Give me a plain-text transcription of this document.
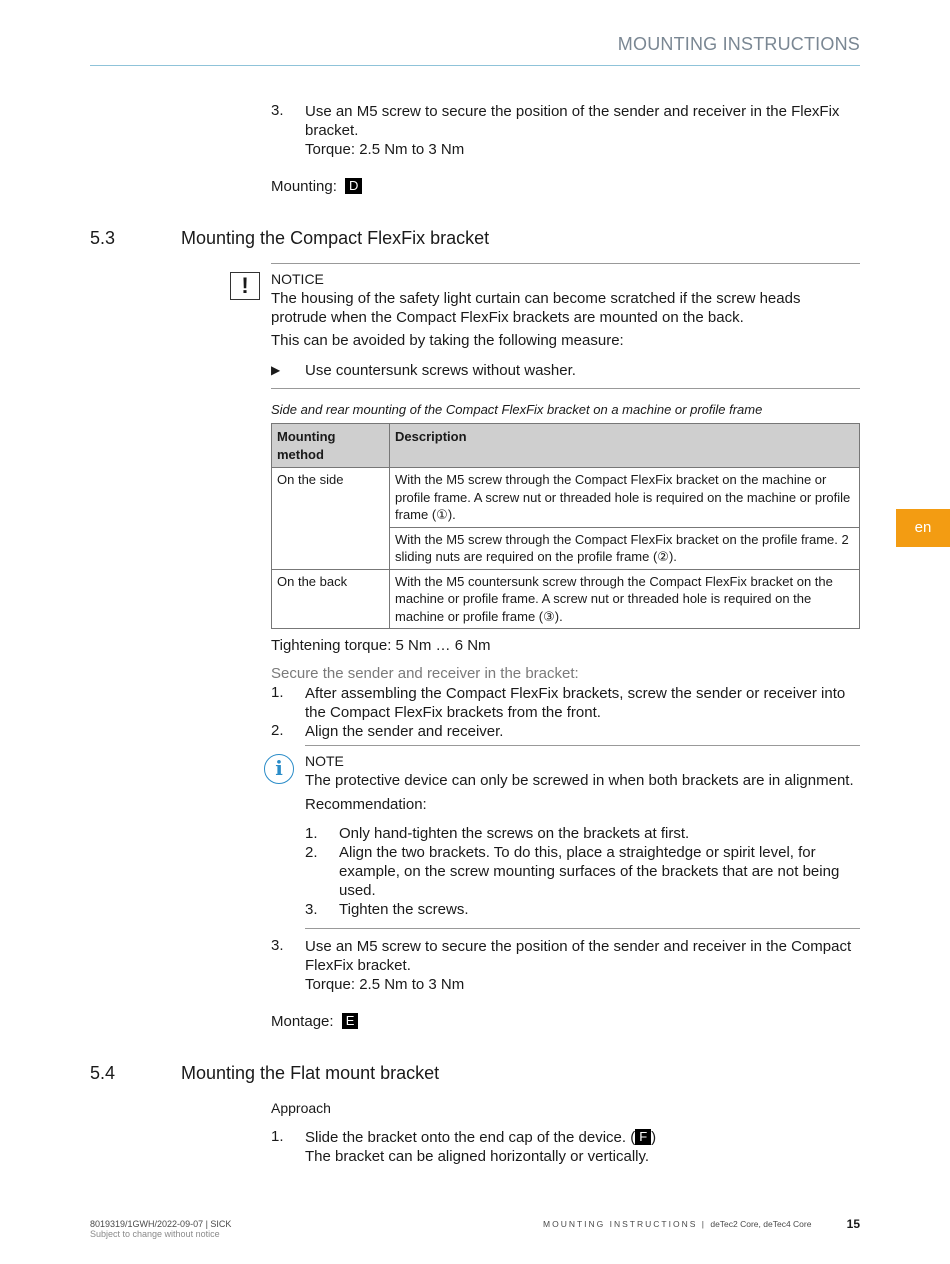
MOUNTING INSTRUCTIONS
3. Use an M5 screw to secure the position of the sender and receiver in the FlexFix bracket.
Torque: 2.5 Nm to 3 Nm
Mounting: D
5.3	Mounting the Compact FlexFix bracket
!	NOTICE
The housing of the safety light curtain can become scratched if the screw heads protrude when the Compact FlexFix brackets are mounted on the back.
This can be avoided by taking the following measure:
▶ Use countersunk screws without washer.
Side and rear mounting of the Compact FlexFix bracket on a machine or profile frame
Mounting method	Description
On the side	With the M5 screw through the Compact FlexFix bracket on the machine or profile frame. A screw nut or threaded hole is required on the machine or profile frame (①).
	With the M5 screw through the Compact FlexFix bracket on the profile frame. 2 sliding nuts are required on the profile frame (②).
On the back	With the M5 countersunk screw through the Compact FlexFix bracket on the machine or profile frame. A screw nut or threaded hole is required on the machine or profile frame (③).
Tightening torque: 5 Nm … 6 Nm
Secure the sender and receiver in the bracket:
1. After assembling the Compact FlexFix brackets, screw the sender or receiver into the Compact FlexFix brackets from the front.
2. Align the sender and receiver.
i	NOTE
The protective device can only be screwed in when both brackets are in alignment.
Recommendation:
1. Only hand-tighten the screws on the brackets at first.
2. Align the two brackets. To do this, place a straightedge or spirit level, for example, on the screw mounting surfaces of the brackets that are not being used.
3. Tighten the screws.
3. Use an M5 screw to secure the position of the sender and receiver in the Compact FlexFix bracket.
Torque: 2.5 Nm to 3 Nm
Montage: E
5.4	Mounting the Flat mount bracket
Approach
1. Slide the bracket onto the end cap of the device. ( F )
The bracket can be aligned horizontally or vertically.
en
8019319/1GWH/2022-09-07 | SICK
Subject to change without notice
MOUNTING INSTRUCTIONS | deTec2 Core, deTec4 Core	15
